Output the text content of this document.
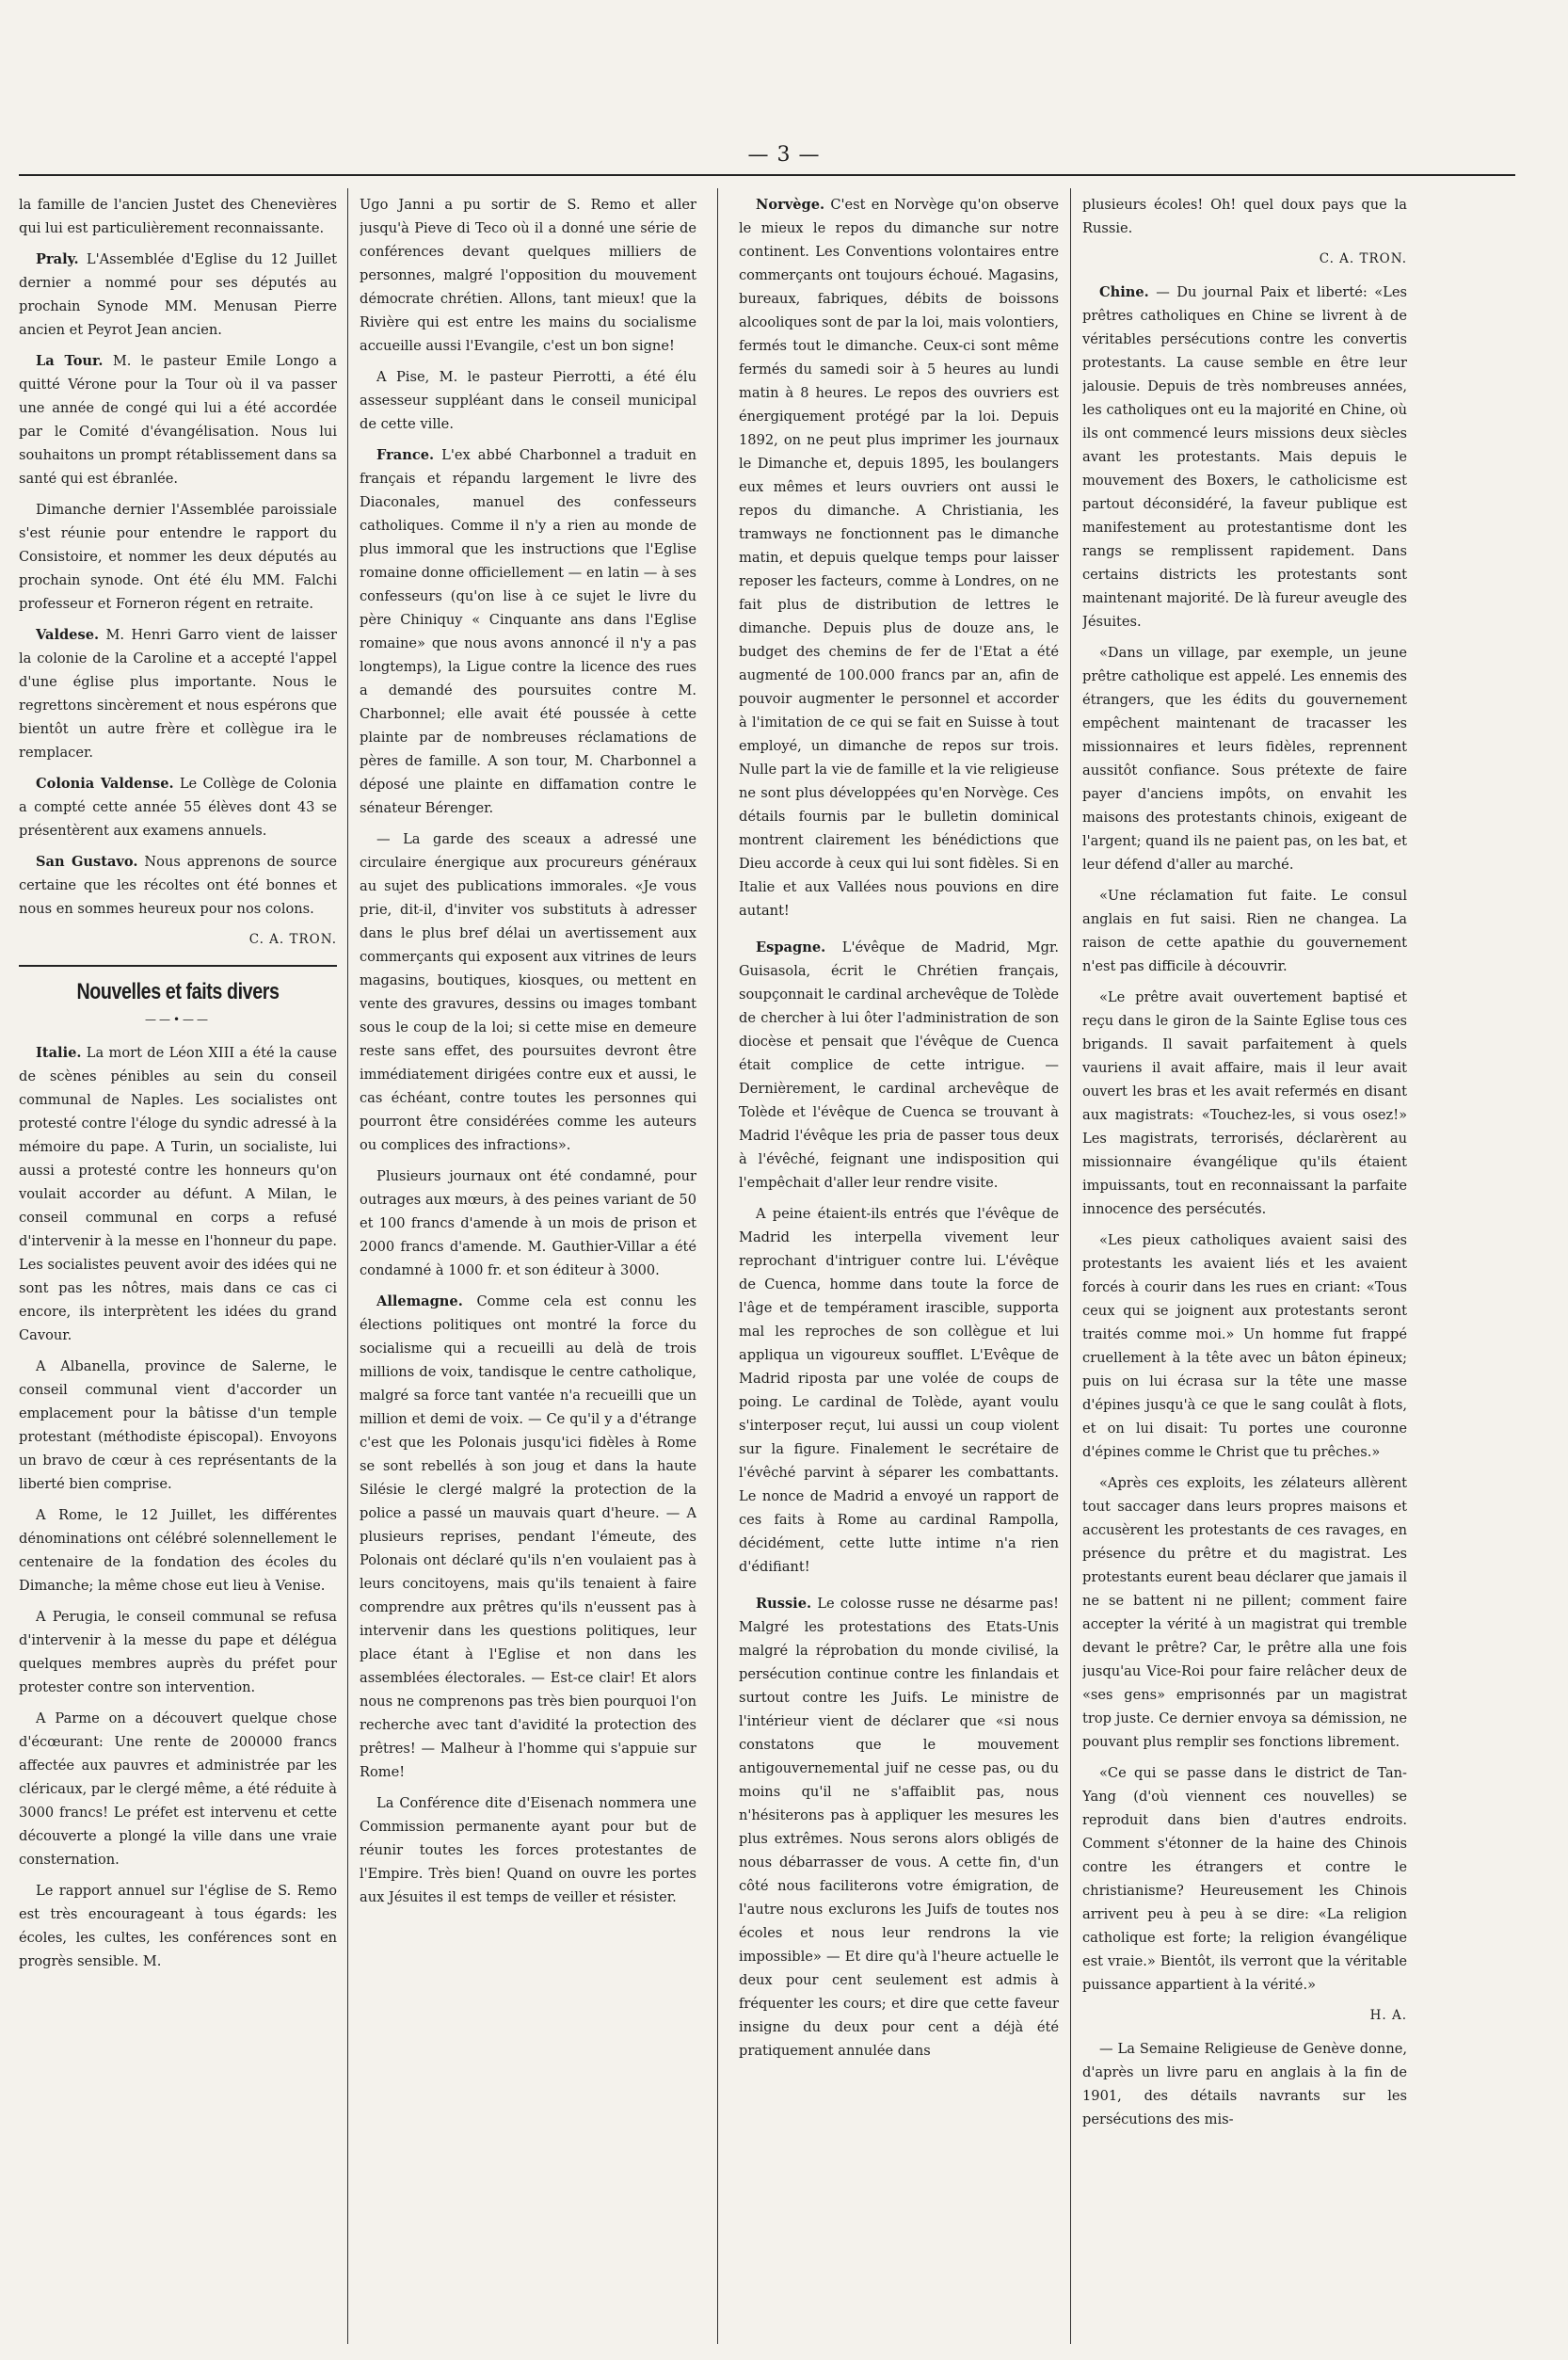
— 3 —

la famille de l'ancien Justet des Chenevières qui lui est particulièrement reconnaissante.

Praly. L'Assemblée d'Eglise du 12 Juillet dernier a nommé pour ses députés au prochain Synode MM. Menusan Pierre ancien et Peyrot Jean ancien.

La Tour. M. le pasteur Emile Longo a quitté Vérone pour la Tour où il va passer une année de congé qui lui a été accordée par le Comité d'évangélisation. Nous lui souhaitons un prompt rétablissement dans sa santé qui est ébranlée.

Dimanche dernier l'Assemblée paroissiale s'est réunie pour entendre le rapport du Consistoire, et nommer les deux députés au prochain synode. Ont été élu MM. Falchi professeur et Forneron régent en retraite.

Valdese. M. Henri Garro vient de laisser la colonie de la Caroline et a accepté l'appel d'une église plus importante. Nous le regrettons sincèrement et nous espérons que bientôt un autre frère et collègue ira le remplacer.

Colonia Valdense. Le Collège de Colonia a compté cette année 55 élèves dont 43 se présentèrent aux examens annuels.

San Gustavo. Nous apprenons de source certaine que les récoltes ont été bonnes et nous en sommes heureux pour nos colons.

C. A. TRON.
Nouvelles et faits divers
——•——

Italie. La mort de Léon XIII a été la cause de scènes pénibles au sein du conseil communal de Naples. Les socialistes ont protesté contre l'éloge du syndic adressé à la mémoire du pape. A Turin, un socialiste, lui aussi a protesté contre les honneurs qu'on voulait accorder au défunt. A Milan, le conseil communal en corps a refusé d'intervenir à la messe en l'honneur du pape. Les socialistes peuvent avoir des idées qui ne sont pas les nôtres, mais dans ce cas ci encore, ils interprètent les idées du grand Cavour.

A Albanella, province de Salerne, le conseil communal vient d'accorder un emplacement pour la bâtisse d'un temple protestant (méthodiste épiscopal). Envoyons un bravo de cœur à ces représentants de la liberté bien comprise.

A Rome, le 12 Juillet, les différentes dénominations ont célébré solennellement le centenaire de la fondation des écoles du Dimanche; la même chose eut lieu à Venise.

A Perugia, le conseil communal se refusa d'intervenir à la messe du pape et délégua quelques membres auprès du préfet pour protester contre son intervention.

A Parme on a découvert quelque chose d'écœurant: Une rente de 200000 francs affectée aux pauvres et administrée par les cléricaux, par le clergé même, a été réduite à 3000 francs! Le préfet est intervenu et cette découverte a plongé la ville dans une vraie consternation.

Le rapport annuel sur l'église de S. Remo est très encourageant à tous égards: les écoles, les cultes, les conférences sont en progrès sensible. M.

Ugo Janni a pu sortir de S. Remo et aller jusqu'à Pieve di Teco où il a donné une série de conférences devant quelques milliers de personnes, malgré l'opposition du mouvement démocrate chrétien. Allons, tant mieux! que la Rivière qui est entre les mains du socialisme accueille aussi l'Evangile, c'est un bon signe!

A Pise, M. le pasteur Pierrotti, a été élu assesseur suppléant dans le conseil municipal de cette ville.

France. L'ex abbé Charbonnel a traduit en français et répandu largement le livre des Diaconales, manuel des confesseurs catholiques. Comme il n'y a rien au monde de plus immoral que les instructions que l'Eglise romaine donne officiellement — en latin — à ses confesseurs (qu'on lise à ce sujet le livre du père Chiniquy « Cinquante ans dans l'Eglise romaine» que nous avons annoncé il n'y a pas longtemps), la Ligue contre la licence des rues a demandé des poursuites contre M. Charbonnel; elle avait été poussée à cette plainte par de nombreuses réclamations de pères de famille. A son tour, M. Charbonnel a déposé une plainte en diffamation contre le sénateur Bérenger.

— La garde des sceaux a adressé une circulaire énergique aux procureurs généraux au sujet des publications immorales. «Je vous prie, dit-il, d'inviter vos substituts à adresser dans le plus bref délai un avertissement aux commerçants qui exposent aux vitrines de leurs magasins, boutiques, kiosques, ou mettent en vente des gravures, dessins ou images tombant sous le coup de la loi; si cette mise en demeure reste sans effet, des poursuites devront être immédiatement dirigées contre eux et aussi, le cas échéant, contre toutes les personnes qui pourront être considérées comme les auteurs ou complices des infractions».

Plusieurs journaux ont été condamné, pour outrages aux mœurs, à des peines variant de 50 et 100 francs d'amende à un mois de prison et 2000 francs d'amende. M. Gauthier-Villar a été condamné à 1000 fr. et son éditeur à 3000.

Allemagne. Comme cela est connu les élections politiques ont montré la force du socialisme qui a recueilli au delà de trois millions de voix, tandisque le centre catholique, malgré sa force tant vantée n'a recueilli que un million et demi de voix. — Ce qu'il y a d'étrange c'est que les Polonais jusqu'ici fidèles à Rome se sont rebellés à son joug et dans la haute Silésie le clergé malgré la protection de la police a passé un mauvais quart d'heure. — A plusieurs reprises, pendant l'émeute, des Polonais ont déclaré qu'ils n'en voulaient pas à leurs concitoyens, mais qu'ils tenaient à faire comprendre aux prêtres qu'ils n'eussent pas à intervenir dans les questions politiques, leur place étant à l'Eglise et non dans les assemblées électorales. — Est-ce clair! Et alors nous ne comprenons pas très bien pourquoi l'on recherche avec tant d'avidité la protection des prêtres! — Malheur à l'homme qui s'appuie sur Rome!

La Conférence dite d'Eisenach nommera une Commission permanente ayant pour but de réunir toutes les forces protestantes de l'Empire. Très bien! Quand on ouvre les portes aux Jésuites il est temps de veiller et résister.

Norvège. C'est en Norvège qu'on observe le mieux le repos du dimanche sur notre continent. Les Conventions volontaires entre commerçants ont toujours échoué. Magasins, bureaux, fabriques, débits de boissons alcooliques sont de par la loi, mais volontiers, fermés tout le dimanche. Ceux-ci sont même fermés du samedi soir à 5 heures au lundi matin à 8 heures. Le repos des ouvriers est énergiquement protégé par la loi. Depuis 1892, on ne peut plus imprimer les journaux le Dimanche et, depuis 1895, les boulangers eux mêmes et leurs ouvriers ont aussi le repos du dimanche. A Christiania, les tramways ne fonctionnent pas le dimanche matin, et depuis quelque temps pour laisser reposer les facteurs, comme à Londres, on ne fait plus de distribution de lettres le dimanche. Depuis plus de douze ans, le budget des chemins de fer de l'Etat a été augmenté de 100.000 francs par an, afin de pouvoir augmenter le personnel et accorder à l'imitation de ce qui se fait en Suisse à tout employé, un dimanche de repos sur trois. Nulle part la vie de famille et la vie religieuse ne sont plus développées qu'en Norvège. Ces détails fournis par le bulletin dominical montrent clairement les bénédictions que Dieu accorde à ceux qui lui sont fidèles. Si en Italie et aux Vallées nous pouvions en dire autant!

Espagne. L'évêque de Madrid, Mgr. Guisasola, écrit le Chrétien français, soupçonnait le cardinal archevêque de Tolède de chercher à lui ôter l'administration de son diocèse et pensait que l'évêque de Cuenca était complice de cette intrigue. — Dernièrement, le cardinal archevêque de Tolède et l'évêque de Cuenca se trouvant à Madrid l'évêque les pria de passer tous deux à l'évêché, feignant une indisposition qui l'empêchait d'aller leur rendre visite.

A peine étaient-ils entrés que l'évêque de Madrid les interpella vivement leur reprochant d'intriguer contre lui. L'évêque de Cuenca, homme dans toute la force de l'âge et de tempérament irascible, supporta mal les reproches de son collègue et lui appliqua un vigoureux soufflet. L'Evêque de Madrid riposta par une volée de coups de poing. Le cardinal de Tolède, ayant voulu s'interposer reçut, lui aussi un coup violent sur la figure. Finalement le secrétaire de l'évêché parvint à séparer les combattants. Le nonce de Madrid a envoyé un rapport de ces faits à Rome au cardinal Rampolla, décidément, cette lutte intime n'a rien d'édifiant!

Russie. Le colosse russe ne désarme pas! Malgré les protestations des Etats-Unis malgré la réprobation du monde civilisé, la persécution continue contre les finlandais et surtout contre les Juifs. Le ministre de l'intérieur vient de déclarer que «si nous constatons que le mouvement antigouvernemental juif ne cesse pas, ou du moins qu'il ne s'affaiblit pas, nous n'hésiterons pas à appliquer les mesures les plus extrêmes. Nous serons alors obligés de nous débarrasser de vous. A cette fin, d'un côté nous faciliterons votre émigration, de l'autre nous exclurons les Juifs de toutes nos écoles et nous leur rendrons la vie impossible» — Et dire qu'à l'heure actuelle le deux pour cent seulement est admis à fréquenter les cours; et dire que cette faveur insigne du deux pour cent a déjà été pratiquement annulée dans

plusieurs écoles! Oh! quel doux pays que la Russie.

C. A. TRON.

Chine. — Du journal Paix et liberté: «Les prêtres catholiques en Chine se livrent à de véritables persécutions contre les convertis protestants. La cause semble en être leur jalousie. Depuis de très nombreuses années, les catholiques ont eu la majorité en Chine, où ils ont commencé leurs missions deux siècles avant les protestants. Mais depuis le mouvement des Boxers, le catholicisme est partout déconsidéré, la faveur publique est manifestement au protestantisme dont les rangs se remplissent rapidement. Dans certains districts les protestants sont maintenant majorité. De là fureur aveugle des Jésuites.

«Dans un village, par exemple, un jeune prêtre catholique est appelé. Les ennemis des étrangers, que les édits du gouvernement empêchent maintenant de tracasser les missionnaires et leurs fidèles, reprennent aussitôt confiance. Sous prétexte de faire payer d'anciens impôts, on envahit les maisons des protestants chinois, exigeant de l'argent; quand ils ne paient pas, on les bat, et leur défend d'aller au marché.

«Une réclamation fut faite. Le consul anglais en fut saisi. Rien ne changea. La raison de cette apathie du gouvernement n'est pas difficile à découvrir.

«Le prêtre avait ouvertement baptisé et reçu dans le giron de la Sainte Eglise tous ces brigands. Il savait parfaitement à quels vauriens il avait affaire, mais il leur avait ouvert les bras et les avait refermés en disant aux magistrats: «Touchez-les, si vous osez!» Les magistrats, terrorisés, déclarèrent au missionnaire évangélique qu'ils étaient impuissants, tout en reconnaissant la parfaite innocence des persécutés.

«Les pieux catholiques avaient saisi des protestants les avaient liés et les avaient forcés à courir dans les rues en criant: «Tous ceux qui se joignent aux protestants seront traités comme moi.» Un homme fut frappé cruellement à la tête avec un bâton épineux; puis on lui écrasa sur la tête une masse d'épines jusqu'à ce que le sang coulât à flots, et on lui disait: Tu portes une couronne d'épines comme le Christ que tu prêches.»

«Après ces exploits, les zélateurs allèrent tout saccager dans leurs propres maisons et accusèrent les protestants de ces ravages, en présence du prêtre et du magistrat. Les protestants eurent beau déclarer que jamais il ne se battent ni ne pillent; comment faire accepter la vérité à un magistrat qui tremble devant le prêtre? Car, le prêtre alla une fois jusqu'au Vice-Roi pour faire relâcher deux de «ses gens» emprisonnés par un magistrat trop juste. Ce dernier envoya sa démission, ne pouvant plus remplir ses fonctions librement.

«Ce qui se passe dans le district de Tan-Yang (d'où viennent ces nouvelles) se reproduit dans bien d'autres endroits. Comment s'étonner de la haine des Chinois contre les étrangers et contre le christianisme? Heureusement les Chinois arrivent peu à peu à se dire: «La religion catholique est forte; la religion évangélique est vraie.» Bientôt, ils verront que la véritable puissance appartient à la vérité.»

H. A.

— La Semaine Religieuse de Genève donne, d'après un livre paru en anglais à la fin de 1901, des détails navrants sur les persécutions des mis-
